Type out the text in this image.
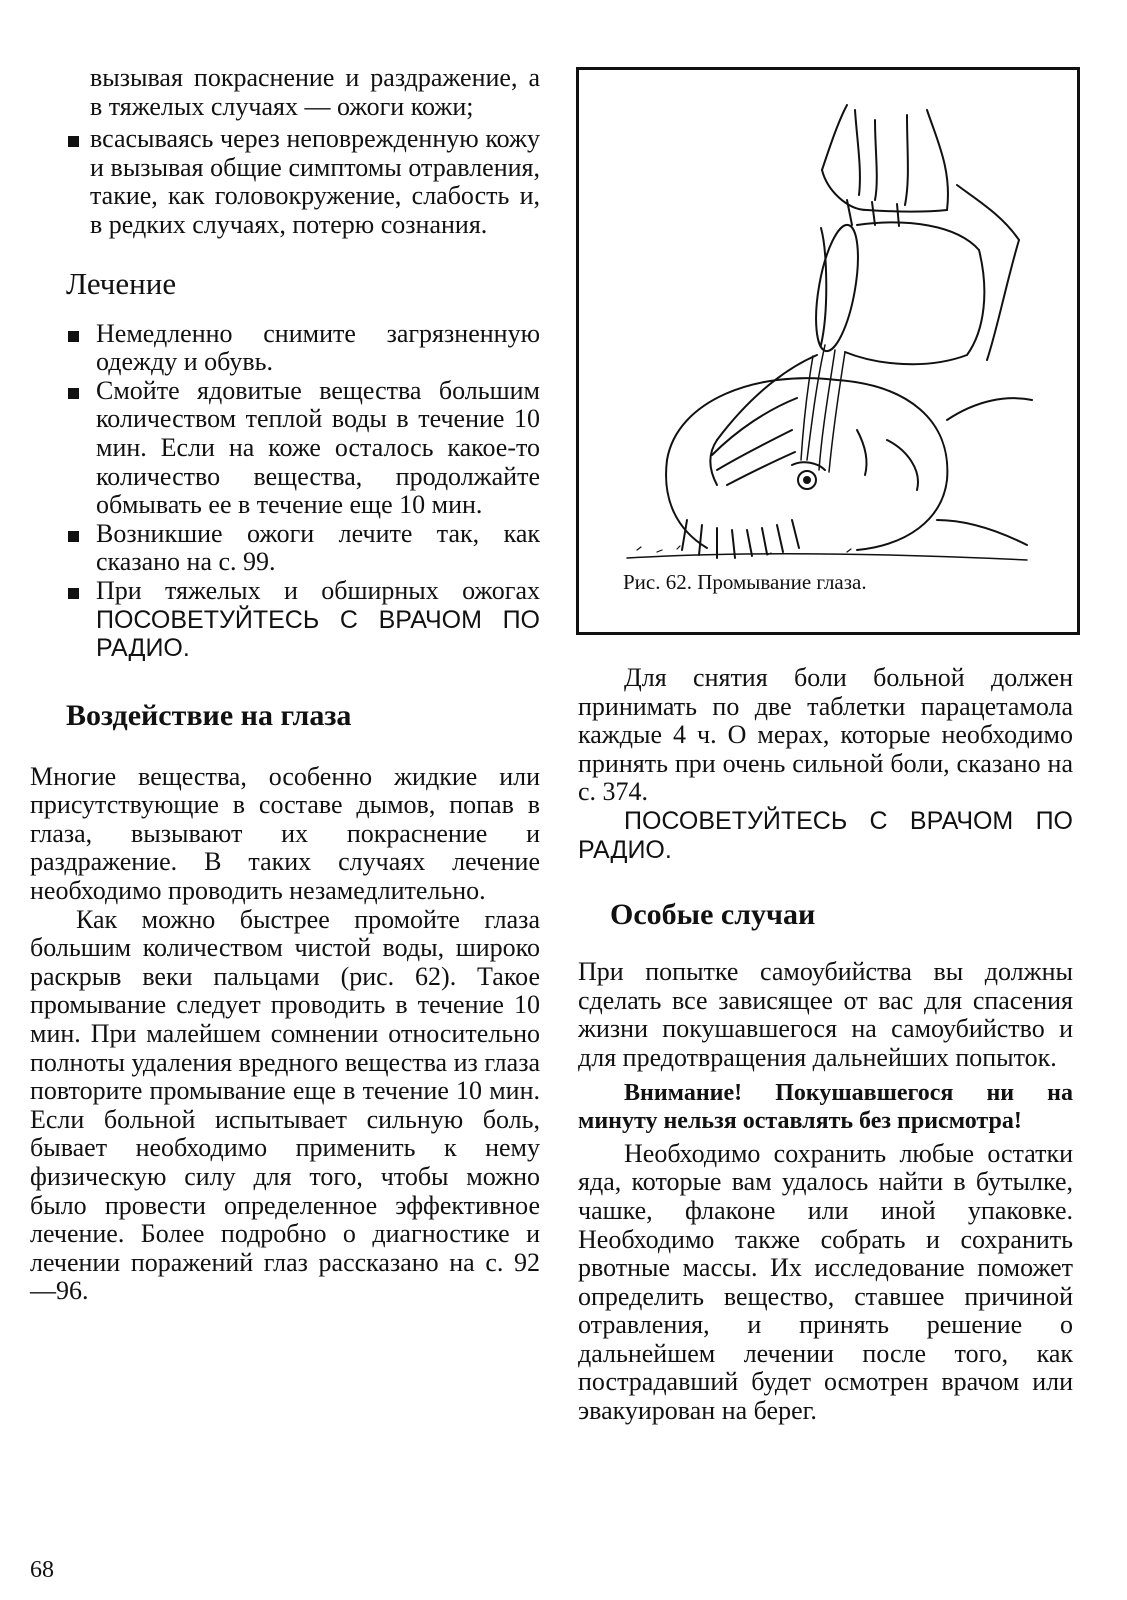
вызывая покраснение и раздражение, а в тяжелых случаях — ожоги кожи;

всасываясь через неповрежденную кожу и вызывая общие симптомы отравления, такие, как головокружение, слабость и, в редких случаях, потерю сознания.
Лечение
Немедленно снимите загрязненную одежду и обувь.
Смойте ядовитые вещества большим количеством теплой воды в течение 10 мин. Если на коже осталось какое-то количество вещества, продолжайте обмывать ее в течение еще 10 мин.
Возникшие ожоги лечите так, как сказано на с. 99.
При тяжелых и обширных ожогах ПОСОВЕТУЙТЕСЬ С ВРАЧОМ ПО РАДИО.
Воздействие на глаза

Многие вещества, особенно жидкие или присутствующие в составе дымов, попав в глаза, вызывают их покраснение и раздражение. В таких случаях лечение необходимо проводить незамедлительно.

Как можно быстрее промойте глаза большим количеством чистой воды, широко раскрыв веки пальцами (рис. 62). Такое промывание следует проводить в течение 10 мин. При малейшем сомнении относительно полноты удаления вредного вещества из глаза повторите промывание еще в течение 10 мин. Если больной испытывает сильную боль, бывает необходимо применить к нему физическую силу для того, чтобы можно было провести определенное эффективное лечение. Более подробно о диагностике и лечении поражений глаз рассказано на с. 92—96.

Рис. 62. Промывание глаза.

Для снятия боли больной должен принимать по две таблетки парацетамола каждые 4 ч. О мерах, которые необходимо принять при очень сильной боли, сказано на с. 374.

ПОСОВЕТУЙТЕСЬ С ВРАЧОМ ПО РАДИО.

Особые случаи

При попытке самоубийства вы должны сделать все зависящее от вас для спасения жизни покушавшегося на самоубийство и для предотвращения дальнейших попыток.

Внимание! Покушавшегося ни на минуту нельзя оставлять без присмотра!

Необходимо сохранить любые остатки яда, которые вам удалось найти в бутылке, чашке, флаконе или иной упаковке. Необходимо также собрать и сохранить рвотные массы. Их исследование поможет определить вещество, ставшее причиной отравления, и принять решение о дальнейшем лечении после того, как пострадавший будет осмотрен врачом или эвакуирован на берег.

68
